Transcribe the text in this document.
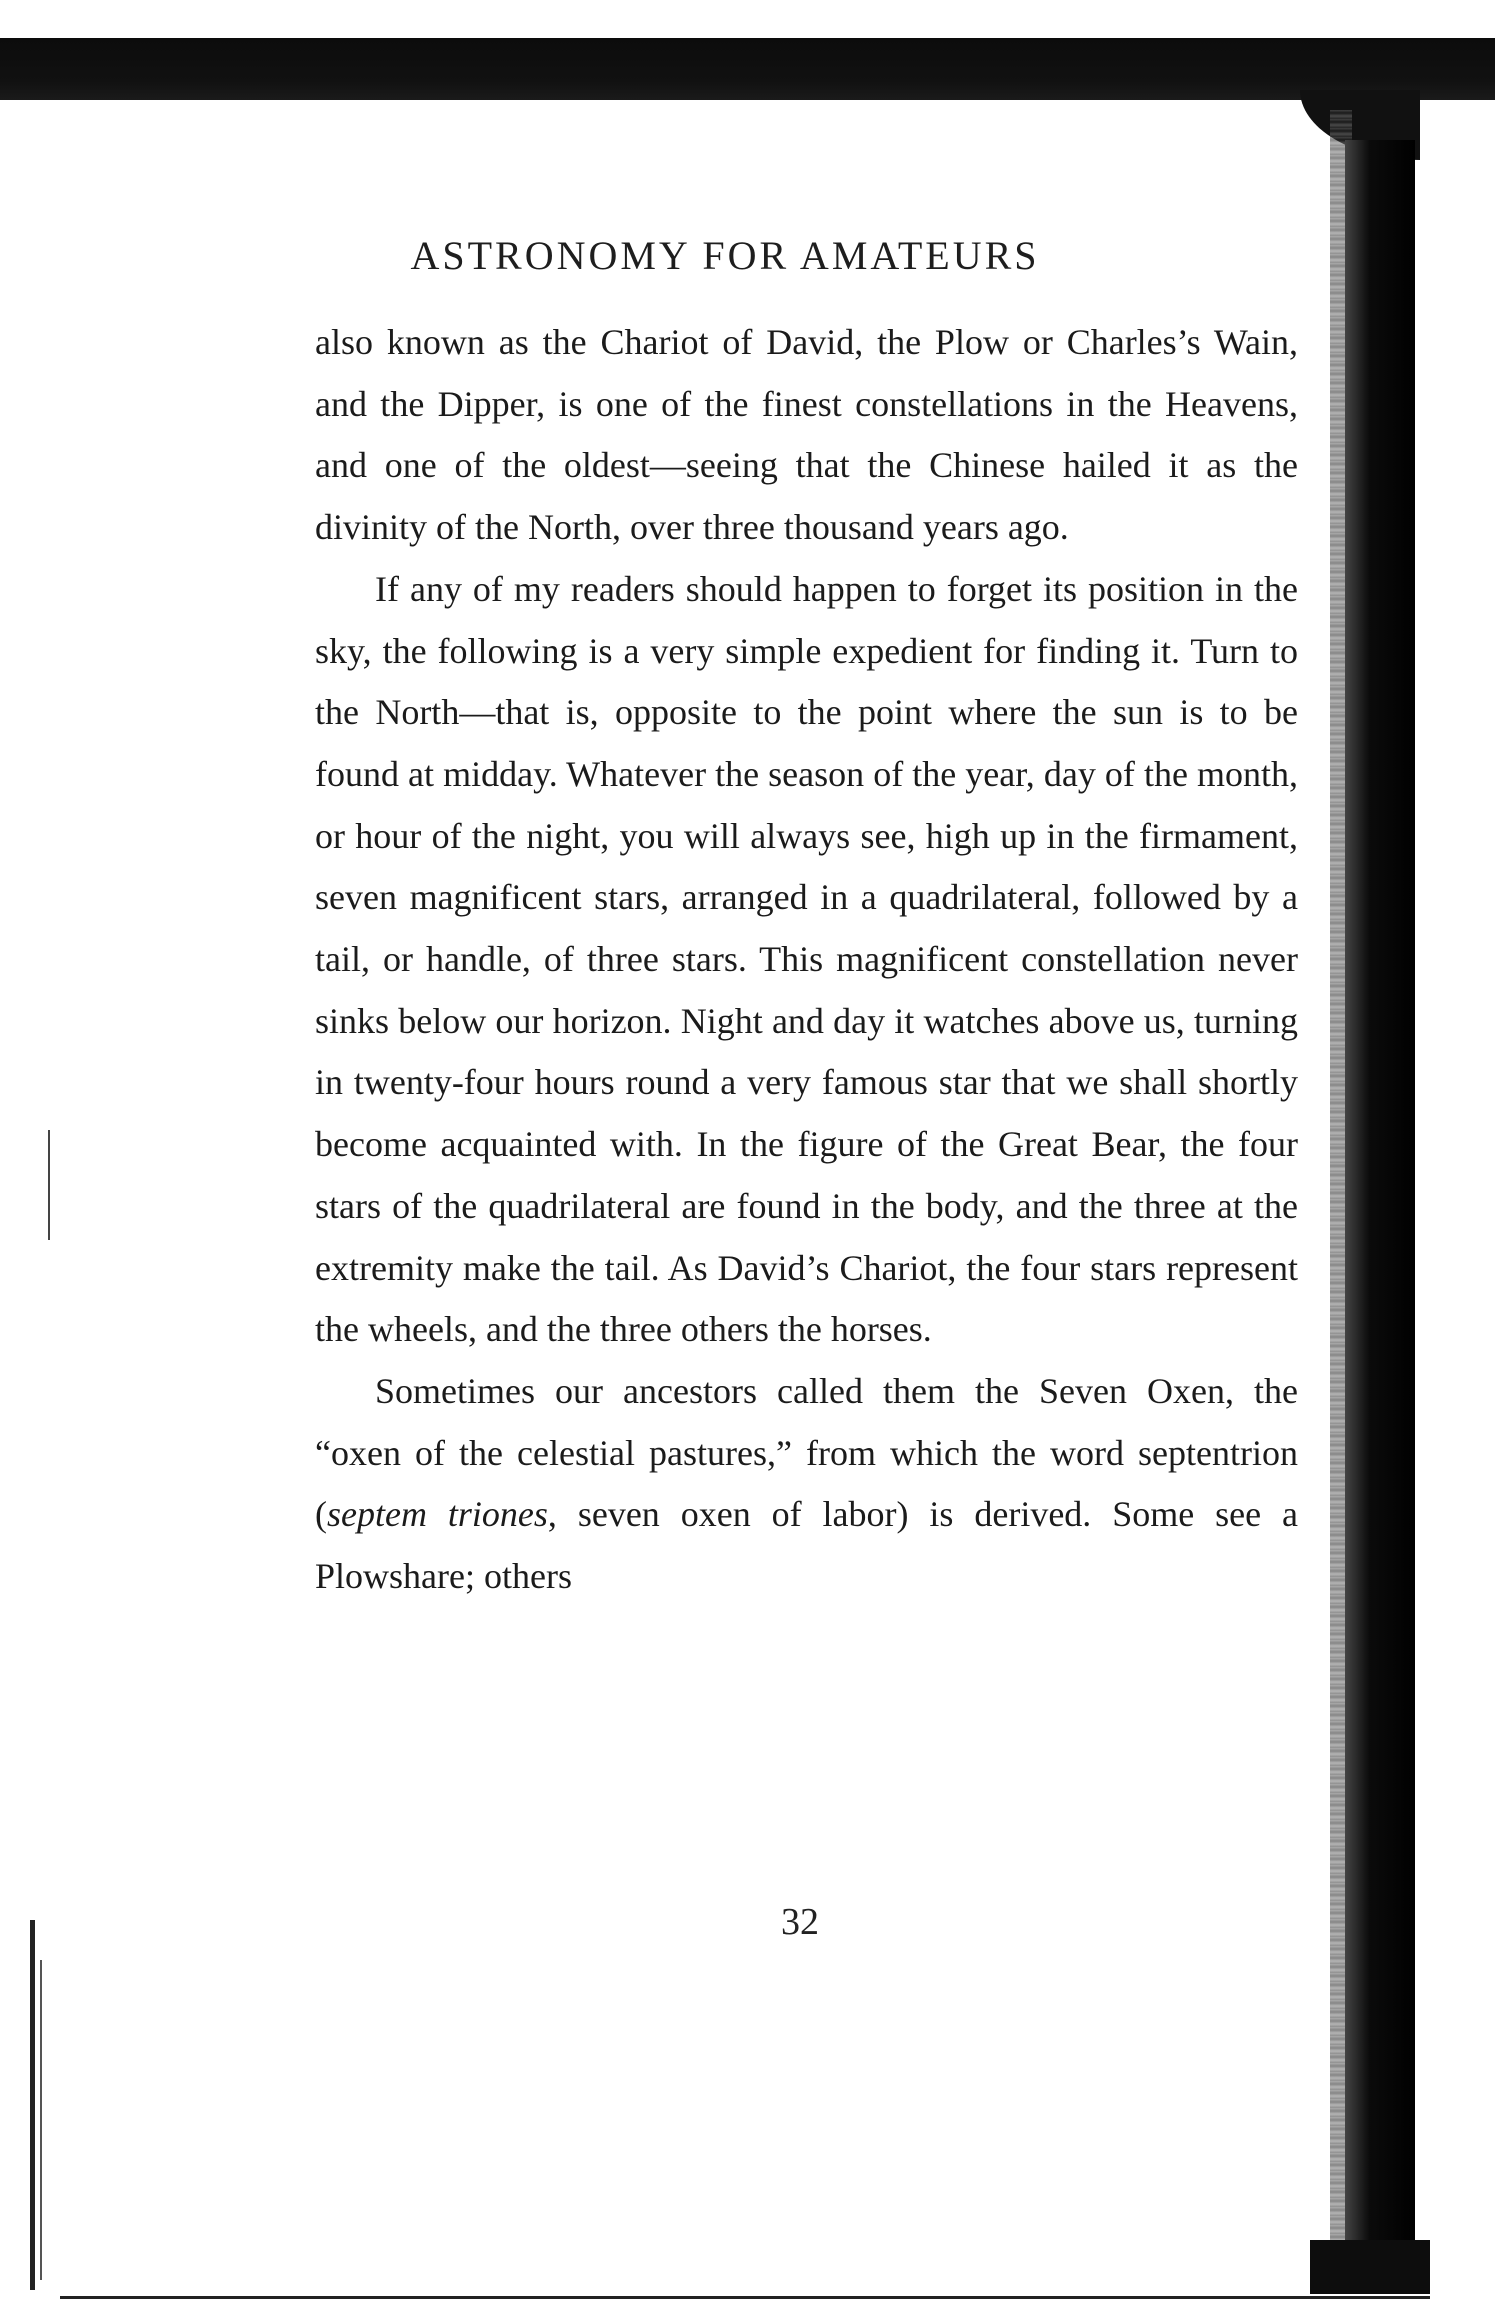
ASTRONOMY FOR AMATEURS

also known as the Chariot of David, the Plow or Charles’s Wain, and the Dipper, is one of the finest constellations in the Heavens, and one of the oldest—seeing that the Chinese hailed it as the divinity of the North, over three thousand years ago.

If any of my readers should happen to forget its position in the sky, the following is a very simple expedient for finding it. Turn to the North—that is, opposite to the point where the sun is to be found at midday. Whatever the season of the year, day of the month, or hour of the night, you will always see, high up in the firmament, seven magnificent stars, arranged in a quadrilateral, followed by a tail, or handle, of three stars. This magnificent constellation never sinks below our horizon. Night and day it watches above us, turning in twenty-four hours round a very famous star that we shall shortly become acquainted with. In the figure of the Great Bear, the four stars of the quadrilateral are found in the body, and the three at the extremity make the tail. As David’s Chariot, the four stars represent the wheels, and the three others the horses.

Sometimes our ancestors called them the Seven Oxen, the “oxen of the celestial pastures,” from which the word septentrion (septem triones, seven oxen of labor) is derived. Some see a Plowshare; others

32
